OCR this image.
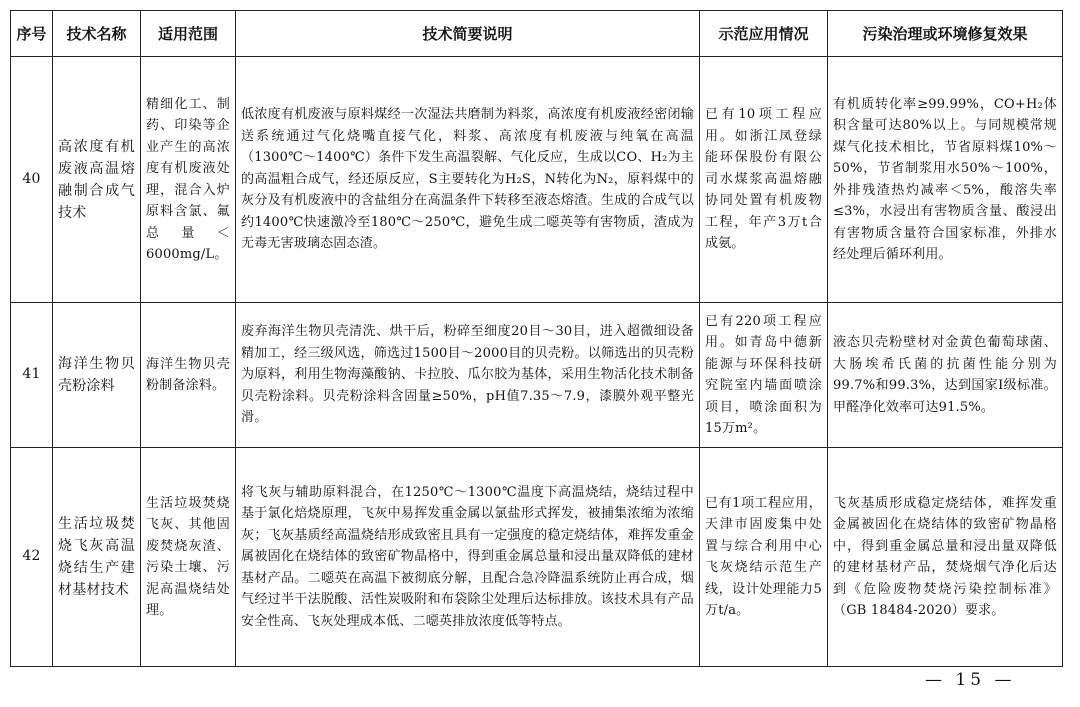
序号	技术名称	适用范围	技术简要说明	示范应用情况	污染治理或环境修复效果
40	高浓度有机废液高温熔融制合成气技术	精细化工、制药、印染等企业产生的高浓度有机废液处理，混合入炉原料含氯、氟总量＜6000mg/L。	低浓度有机废液与原料煤经一次湿法共磨制为料浆，高浓度有机废液经密闭输送系统通过气化烧嘴直接气化，料浆、高浓度有机废液与纯氧在高温（1300℃～1400℃）条件下发生高温裂解、气化反应，生成以CO、H₂为主的高温粗合成气，经还原反应，S主要转化为H₂S，N转化为N₂，原料煤中的灰分及有机废液中的含盐组分在高温条件下转移至液态熔渣。生成的合成气以约1400℃快速激冷至180℃～250℃，避免生成二噁英等有害物质，渣成为无毒无害玻璃态固态渣。	已有10项工程应用。如浙江凤登绿能环保股份有限公司水煤浆高温熔融协同处置有机废物工程，年产3万t合成氨。	有机质转化率≥99.99%，CO+H₂体积含量可达80%以上。与同规模常规煤气化技术相比，节省原料煤10%～50%，节省制浆用水50%～100%，外排残渣热灼减率＜5%，酸溶失率≤3%，水浸出有害物质含量、酸浸出有害物质含量符合国家标准，外排水经处理后循环利用。
41	海洋生物贝壳粉涂料	海洋生物贝壳粉制备涂料。	废弃海洋生物贝壳清洗、烘干后，粉碎至细度20目～30目，进入超微细设备精加工，经三级风选，筛选过1500目～2000目的贝壳粉。以筛选出的贝壳粉为原料，利用生物海藻酸钠、卡拉胶、瓜尔胶为基体，采用生物活化技术制备贝壳粉涂料。贝壳粉涂料含固量≥50%，pH值7.35～7.9，漆膜外观平整光滑。	已有220项工程应用。如青岛中德新能源与环保科技研究院室内墙面喷涂项目，喷涂面积为15万m²。	液态贝壳粉壁材对金黄色葡萄球菌、大肠埃希氏菌的抗菌性能分别为99.7%和99.3%，达到国家I级标准。甲醛净化效率可达91.5%。
42	生活垃圾焚烧飞灰高温烧结生产建材基材技术	生活垃圾焚烧飞灰、其他固废焚烧灰渣、污染土壤、污泥高温烧结处理。	将飞灰与辅助原料混合，在1250℃～1300℃温度下高温烧结，烧结过程中基于氯化焙烧原理，飞灰中易挥发重金属以氯盐形式挥发，被捕集浓缩为浓缩灰；飞灰基质经高温烧结形成致密且具有一定强度的稳定烧结体，难挥发重金属被固化在烧结体的致密矿物晶格中，得到重金属总量和浸出量双降低的建材基材产品。二噁英在高温下被彻底分解，且配合急冷降温系统防止再合成，烟气经过半干法脱酸、活性炭吸附和布袋除尘处理后达标排放。该技术具有产品安全性高、飞灰处理成本低、二噁英排放浓度低等特点。	已有1项工程应用，天津市固废集中处置与综合利用中心飞灰烧结示范生产线，设计处理能力5万t/a。	飞灰基质形成稳定烧结体，难挥发重金属被固化在烧结体的致密矿物晶格中，得到重金属总量和浸出量双降低的建材基材产品，焚烧烟气净化后达到《危险废物焚烧污染控制标准》（GB 18484-2020）要求。
— 15 —
